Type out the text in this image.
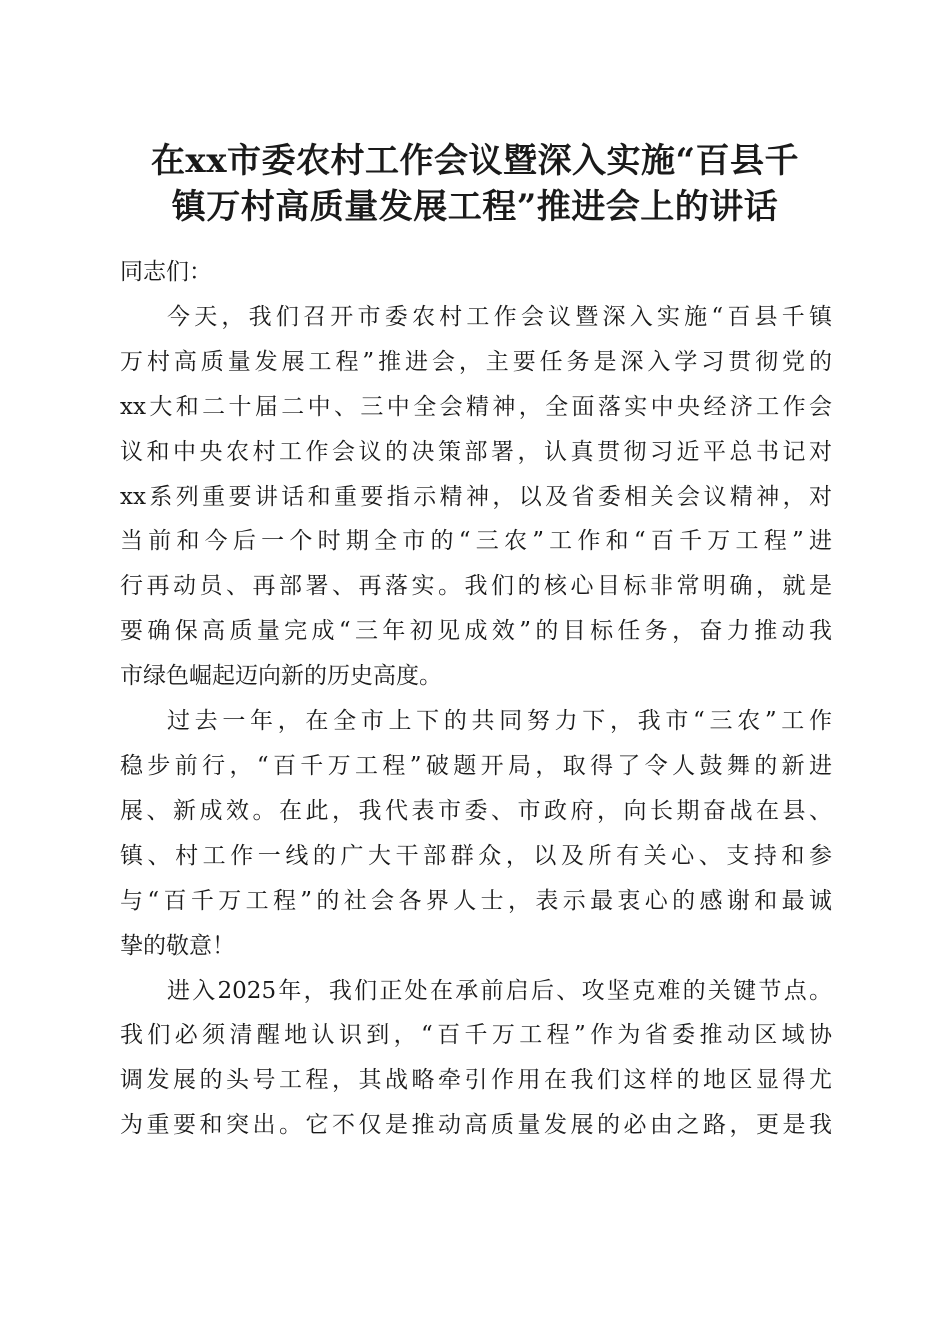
在xx市委农村工作会议暨深入实施“百县千
镇万村高质量发展工程”推进会上的讲话

同志们：

今天，我们召开市委农村工作会议暨深入实施“百县千镇
万村高质量发展工程”推进会，主要任务是深入学习贯彻党的
xx大和二十届二中、三中全会精神，全面落实中央经济工作会
议和中央农村工作会议的决策部署，认真贯彻习近平总书记对
xx系列重要讲话和重要指示精神，以及省委相关会议精神，对
当前和今后一个时期全市的“三农”工作和“百千万工程”进
行再动员、再部署、再落实。我们的核心目标非常明确，就是
要确保高质量完成“三年初见成效”的目标任务，奋力推动我
市绿色崛起迈向新的历史高度。
过去一年，在全市上下的共同努力下，我市“三农”工作
稳步前行，“百千万工程”破题开局，取得了令人鼓舞的新进
展、新成效。在此，我代表市委、市政府，向长期奋战在县、
镇、村工作一线的广大干部群众，以及所有关心、支持和参
与“百千万工程”的社会各界人士，表示最衷心的感谢和最诚
挚的敬意！
进入2025年，我们正处在承前启后、攻坚克难的关键节点。
我们必须清醒地认识到，“百千万工程”作为省委推动区域协
调发展的头号工程，其战略牵引作用在我们这样的地区显得尤
为重要和突出。它不仅是推动高质量发展的必由之路，更是我
